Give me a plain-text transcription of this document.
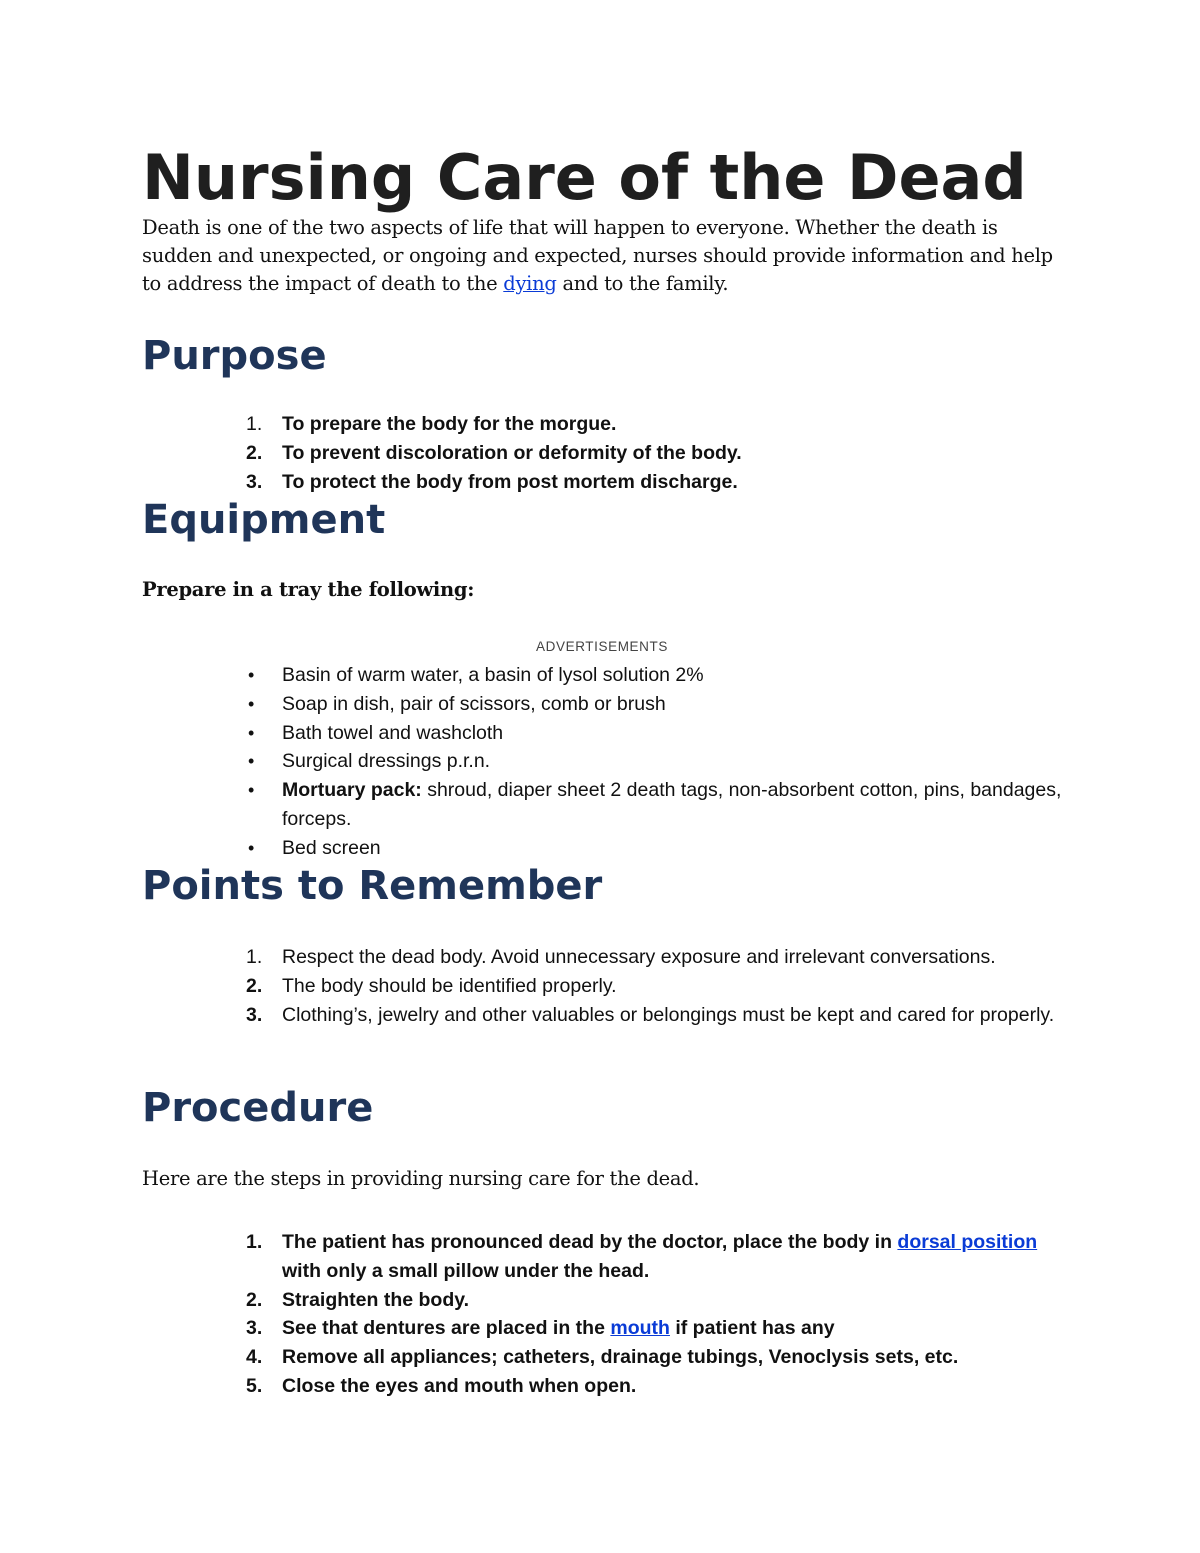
Nursing Care of the Dead

Death is one of the two aspects of life that will happen to everyone. Whether the death is sudden and unexpected, or ongoing and expected, nurses should provide information and help to address the impact of death to the dying and to the family.

Purpose
1. To prepare the body for the morgue.
2. To prevent discoloration or deformity of the body.
3. To protect the body from post mortem discharge.
Equipment

Prepare in a tray the following:

ADVERTISEMENTS
• Basin of warm water, a basin of lysol solution 2%
• Soap in dish, pair of scissors, comb or brush
• Bath towel and washcloth
• Surgical dressings p.r.n.
• Mortuary pack: shroud, diaper sheet 2 death tags, non-absorbent cotton, pins, bandages, forceps.
• Bed screen
Points to Remember
1. Respect the dead body. Avoid unnecessary exposure and irrelevant conversations.
2. The body should be identified properly.
3. Clothing’s, jewelry and other valuables or belongings must be kept and cared for properly.
Procedure

Here are the steps in providing nursing care for the dead.

1. The patient has pronounced dead by the doctor, place the body in dorsal position with only a small pillow under the head.
2. Straighten the body.
3. See that dentures are placed in the mouth if patient has any
4. Remove all appliances; catheters, drainage tubings, Venoclysis sets, etc.
5. Close the eyes and mouth when open.
